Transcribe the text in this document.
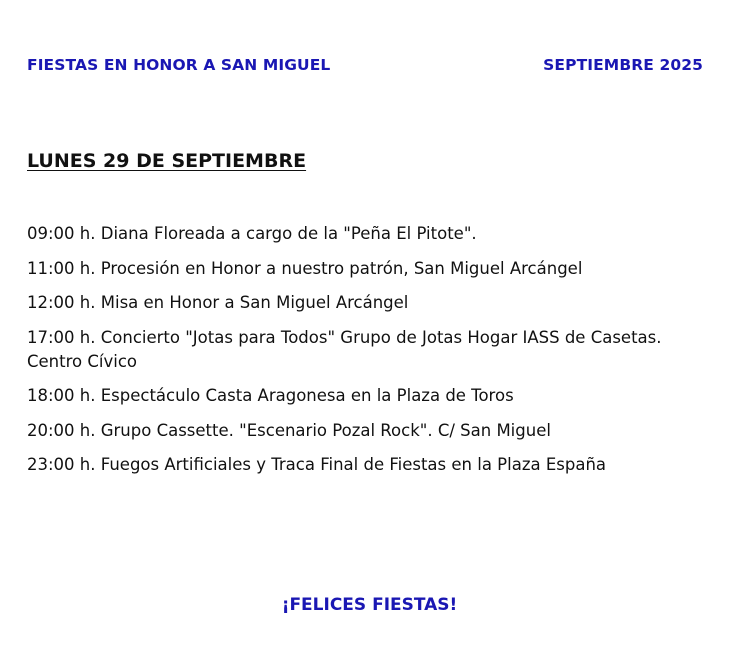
FIESTAS EN HONOR A SAN MIGUEL	SEPTIEMBRE 2025
LUNES 29 DE SEPTIEMBRE
09:00 h. Diana Floreada a cargo de la "Peña El Pitote".
11:00 h. Procesión en Honor a nuestro patrón, San Miguel Arcángel
12:00 h. Misa en Honor a San Miguel Arcángel
17:00 h. Concierto "Jotas para Todos" Grupo de Jotas Hogar IASS de Casetas. Centro Cívico
18:00 h. Espectáculo Casta Aragonesa en la Plaza de Toros
20:00 h. Grupo Cassette. "Escenario Pozal Rock". C/ San Miguel
23:00 h. Fuegos Artificiales y Traca Final de Fiestas en la Plaza España
¡FELICES FIESTAS!
